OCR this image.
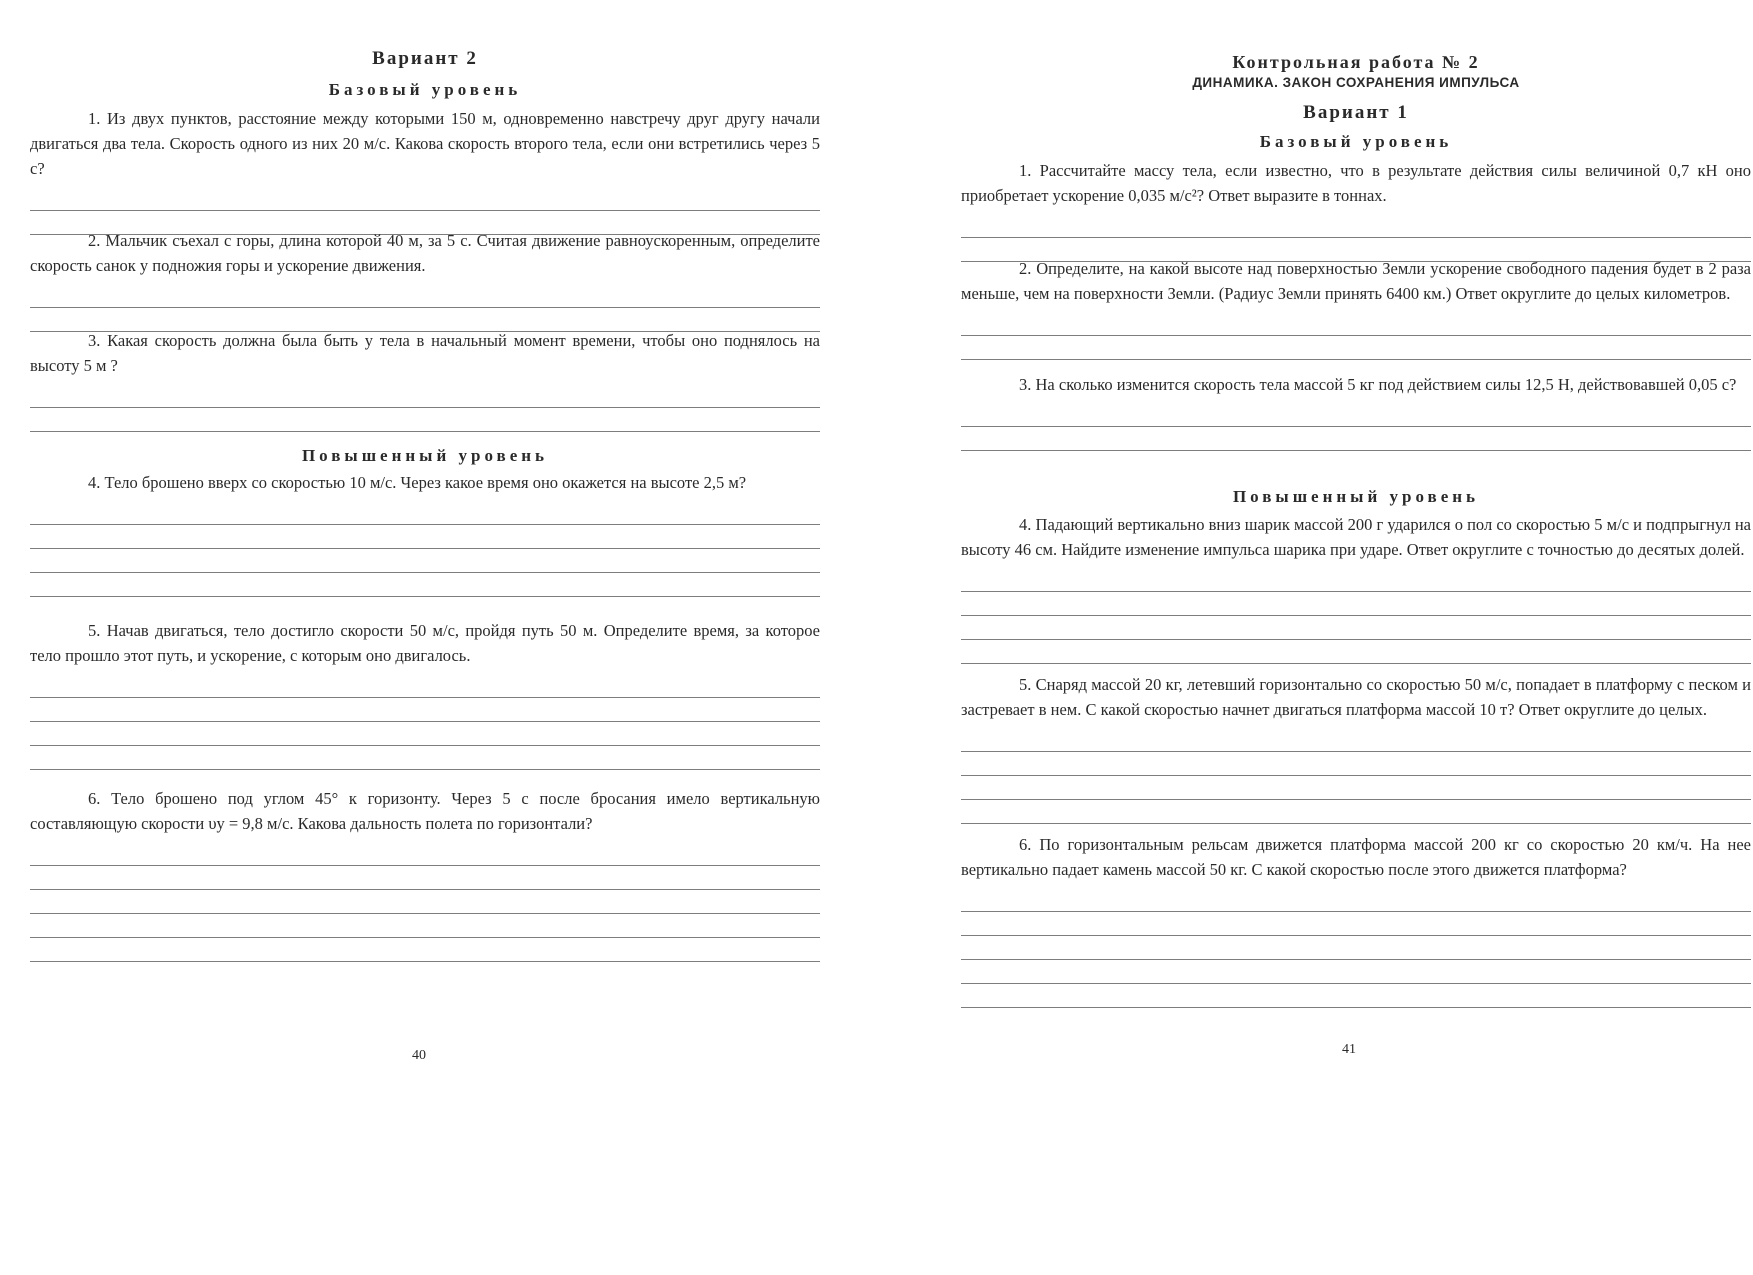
Вариант 2
Базовый уровень

1. Из двух пунктов, расстояние между которыми 150 м, одновременно навстречу друг другу начали двигаться два тела. Скорость одного из них 20 м/с. Какова скорость второго тела, если они встретились через 5 с?

2. Мальчик съехал с горы, длина которой 40 м, за 5 с. Считая движение равноускоренным, определите скорость санок у подножия горы и ускорение движения.

3. Какая скорость должна была быть у тела в начальный момент времени, чтобы оно поднялось на высоту 5 м ?

Повышенный уровень

4. Тело брошено вверх со скоростью 10 м/с. Через какое время оно окажется на высоте 2,5 м?

5. Начав двигаться, тело достигло скорости 50 м/с, пройдя путь 50 м. Определите время, за которое тело прошло этот путь, и ускорение, с которым оно двигалось.

6. Тело брошено под углом 45° к горизонту. Через 5 с после бросания имело вертикальную составляющую скорости υy = 9,8 м/с. Какова дальность полета по горизонтали?

40
Контрольная работа № 2
ДИНАМИКА. ЗАКОН СОХРАНЕНИЯ ИМПУЛЬСА
Вариант 1
Базовый уровень

1. Рассчитайте массу тела, если известно, что в результате действия силы величиной 0,7 кН оно приобретает ускорение 0,035 м/с²? Ответ выразите в тоннах.

2. Определите, на какой высоте над поверхностью Земли ускорение свободного падения будет в 2 раза меньше, чем на поверхности Земли. (Радиус Земли принять 6400 км.) Ответ округлите до целых километров.

3. На сколько изменится скорость тела массой 5 кг под действием силы 12,5 Н, действовавшей 0,05 с?

Повышенный уровень

4. Падающий вертикально вниз шарик массой 200 г ударился о пол со скоростью 5 м/с и подпрыгнул на высоту 46 см. Найдите изменение импульса шарика при ударе. Ответ округлите с точностью до десятых долей.

5. Снаряд массой 20 кг, летевший горизонтально со скоростью 50 м/с, попадает в платформу с песком и застревает в нем. С какой скоростью начнет двигаться платформа массой 10 т? Ответ округлите до целых.

6. По горизонтальным рельсам движется платформа массой 200 кг со скоростью 20 км/ч. На нее вертикально падает камень массой 50 кг. С какой скоростью после этого движется платформа?

41
